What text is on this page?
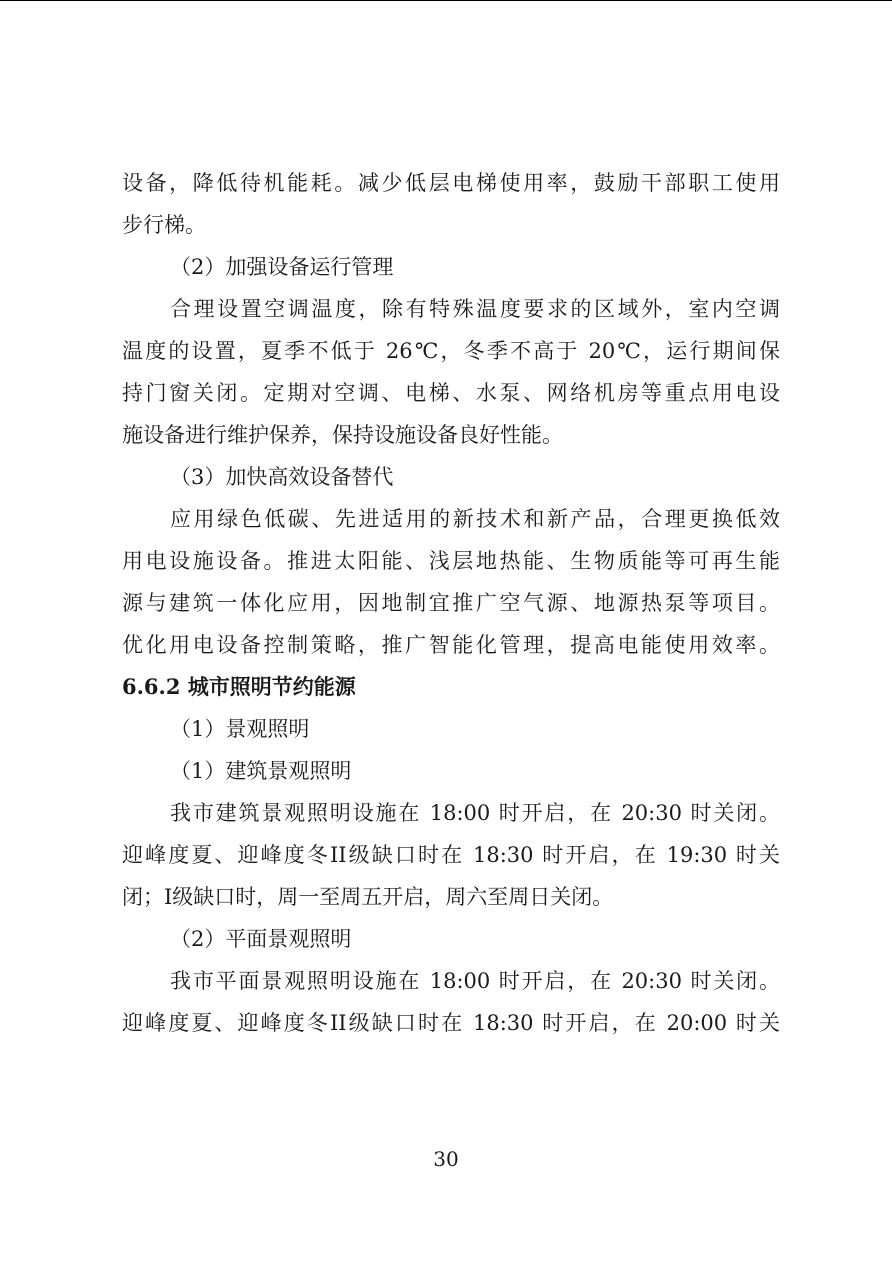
设备，降低待机能耗。减少低层电梯使用率，鼓励干部职工使用
步行梯。
（2）加强设备运行管理
合理设置空调温度，除有特殊温度要求的区域外，室内空调
温度的设置，夏季不低于 26℃，冬季不高于 20℃，运行期间保
持门窗关闭。定期对空调、电梯、水泵、网络机房等重点用电设
施设备进行维护保养，保持设施设备良好性能。
（3）加快高效设备替代
应用绿色低碳、先进适用的新技术和新产品，合理更换低效
用电设施设备。推进太阳能、浅层地热能、生物质能等可再生能
源与建筑一体化应用，因地制宜推广空气源、地源热泵等项目。
优化用电设备控制策略，推广智能化管理，提高电能使用效率。
6.6.2 城市照明节约能源
（1）景观照明
（1）建筑景观照明
我市建筑景观照明设施在 18:00 时开启，在 20:30 时关闭。
迎峰度夏、迎峰度冬II级缺口时在 18:30 时开启，在 19:30 时关
闭；I级缺口时，周一至周五开启，周六至周日关闭。
（2）平面景观照明
我市平面景观照明设施在 18:00 时开启，在 20:30 时关闭。
迎峰度夏、迎峰度冬II级缺口时在 18:30 时开启，在 20:00 时关
30
